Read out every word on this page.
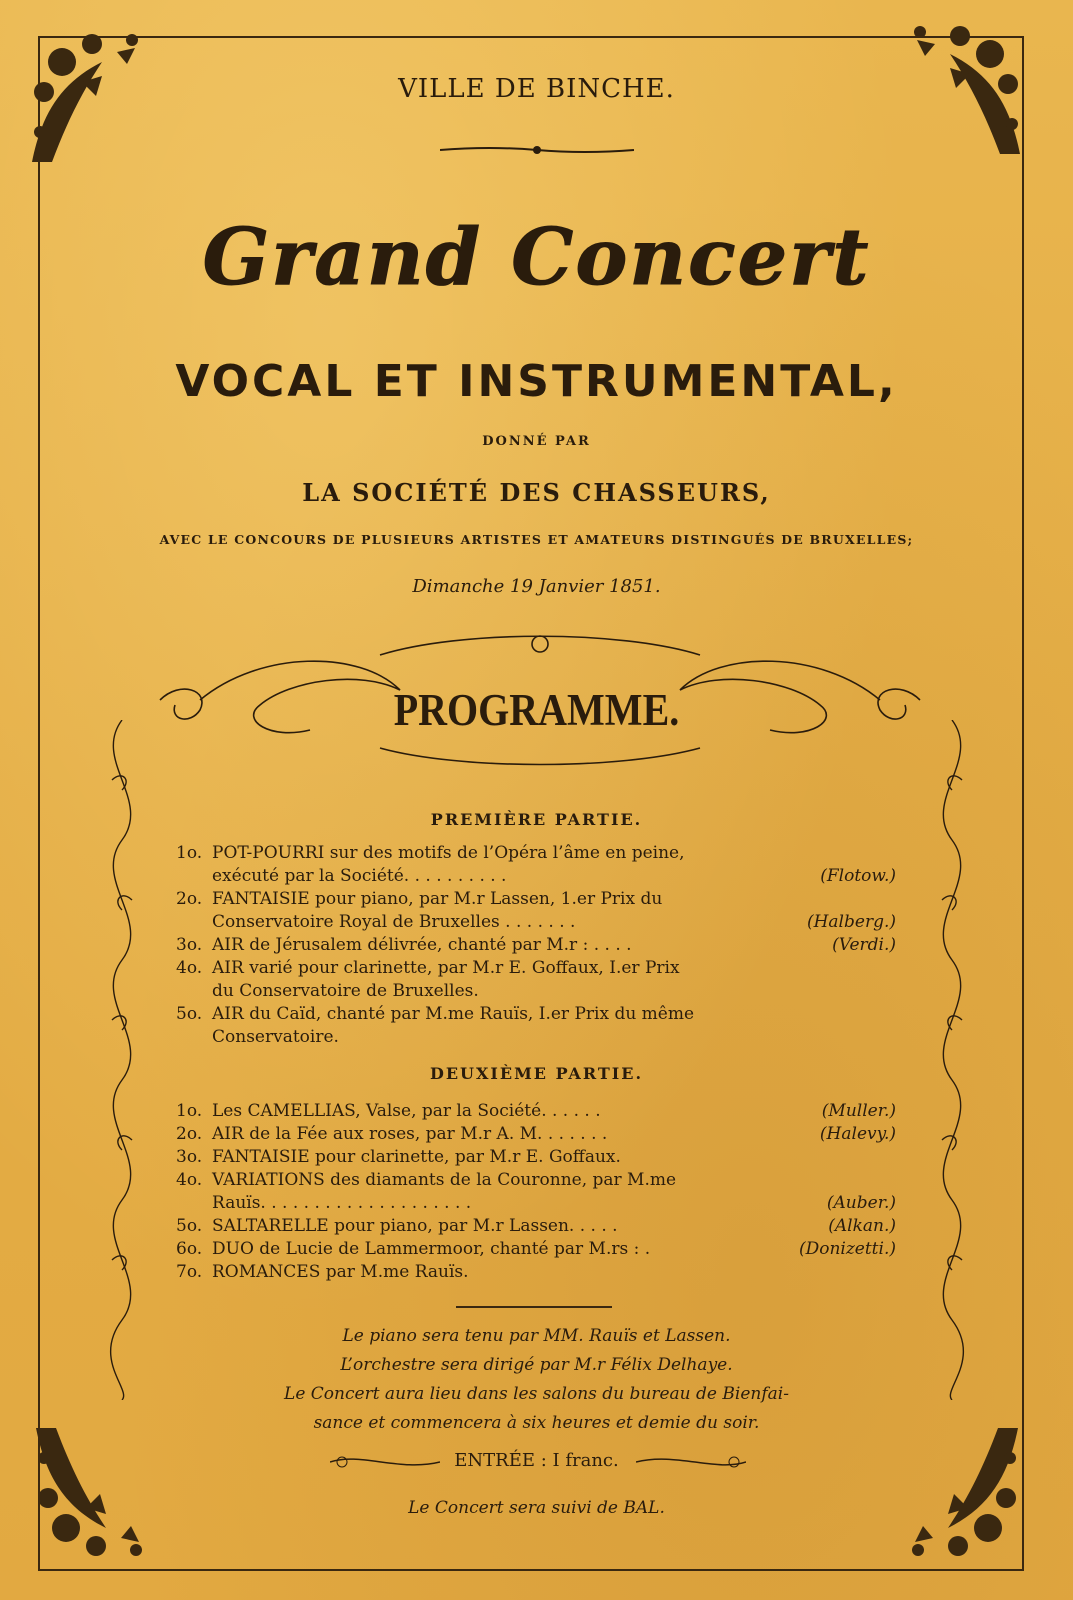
VILLE DE BINCHE.
Grand Concert
VOCAL ET INSTRUMENTAL,
DONNÉ PAR
LA SOCIÉTÉ DES CHASSEURS,
AVEC LE CONCOURS DE PLUSIEURS ARTISTES ET AMATEURS DISTINGUÉS DE BRUXELLES;
Dimanche 19 Janvier 1851.
PROGRAMME.
PREMIÈRE PARTIE.
1o. POT-POURRI sur des motifs de l’Opéra l’âme en peine,
exécuté par la Société. . . . . . . . . .	(Flotow.)
2o. FANTAISIE pour piano, par M.r Lassen, 1.er Prix du
Conservatoire Royal de Bruxelles . . . . . . .	(Halberg.)
3o. AIR de Jérusalem délivrée, chanté par M.r : . . . .	(Verdi.)
4o. AIR varié pour clarinette, par M.r E. Goffaux, I.er Prix
du Conservatoire de Bruxelles.
5o. AIR du Caïd, chanté par M.me Rauïs, I.er Prix du même
Conservatoire.
DEUXIÈME PARTIE.
1o. Les CAMELLIAS, Valse, par la Société. . . . . .	(Muller.)
2o. AIR de la Fée aux roses, par M.r A. M. . . . . . .	(Halevy.)
3o. FANTAISIE pour clarinette, par M.r E. Goffaux.
4o. VARIATIONS des diamants de la Couronne, par M.me
Rauïs. . . . . . . . . . . . . . . . . . . .	(Auber.)
5o. SALTARELLE pour piano, par M.r Lassen. . . . .	(Alkan.)
6o. DUO de Lucie de Lammermoor, chanté par M.rs : .	(Donizetti.)
7o. ROMANCES par M.me Rauïs.
Le piano sera tenu par MM. Rauïs et Lassen.
L’orchestre sera dirigé par M.r Félix Delhaye.
Le Concert aura lieu dans les salons du bureau de Bienfai-
sance et commencera à six heures et demie du soir.
ENTRÉE : I franc.
Le Concert sera suivi de BAL.
